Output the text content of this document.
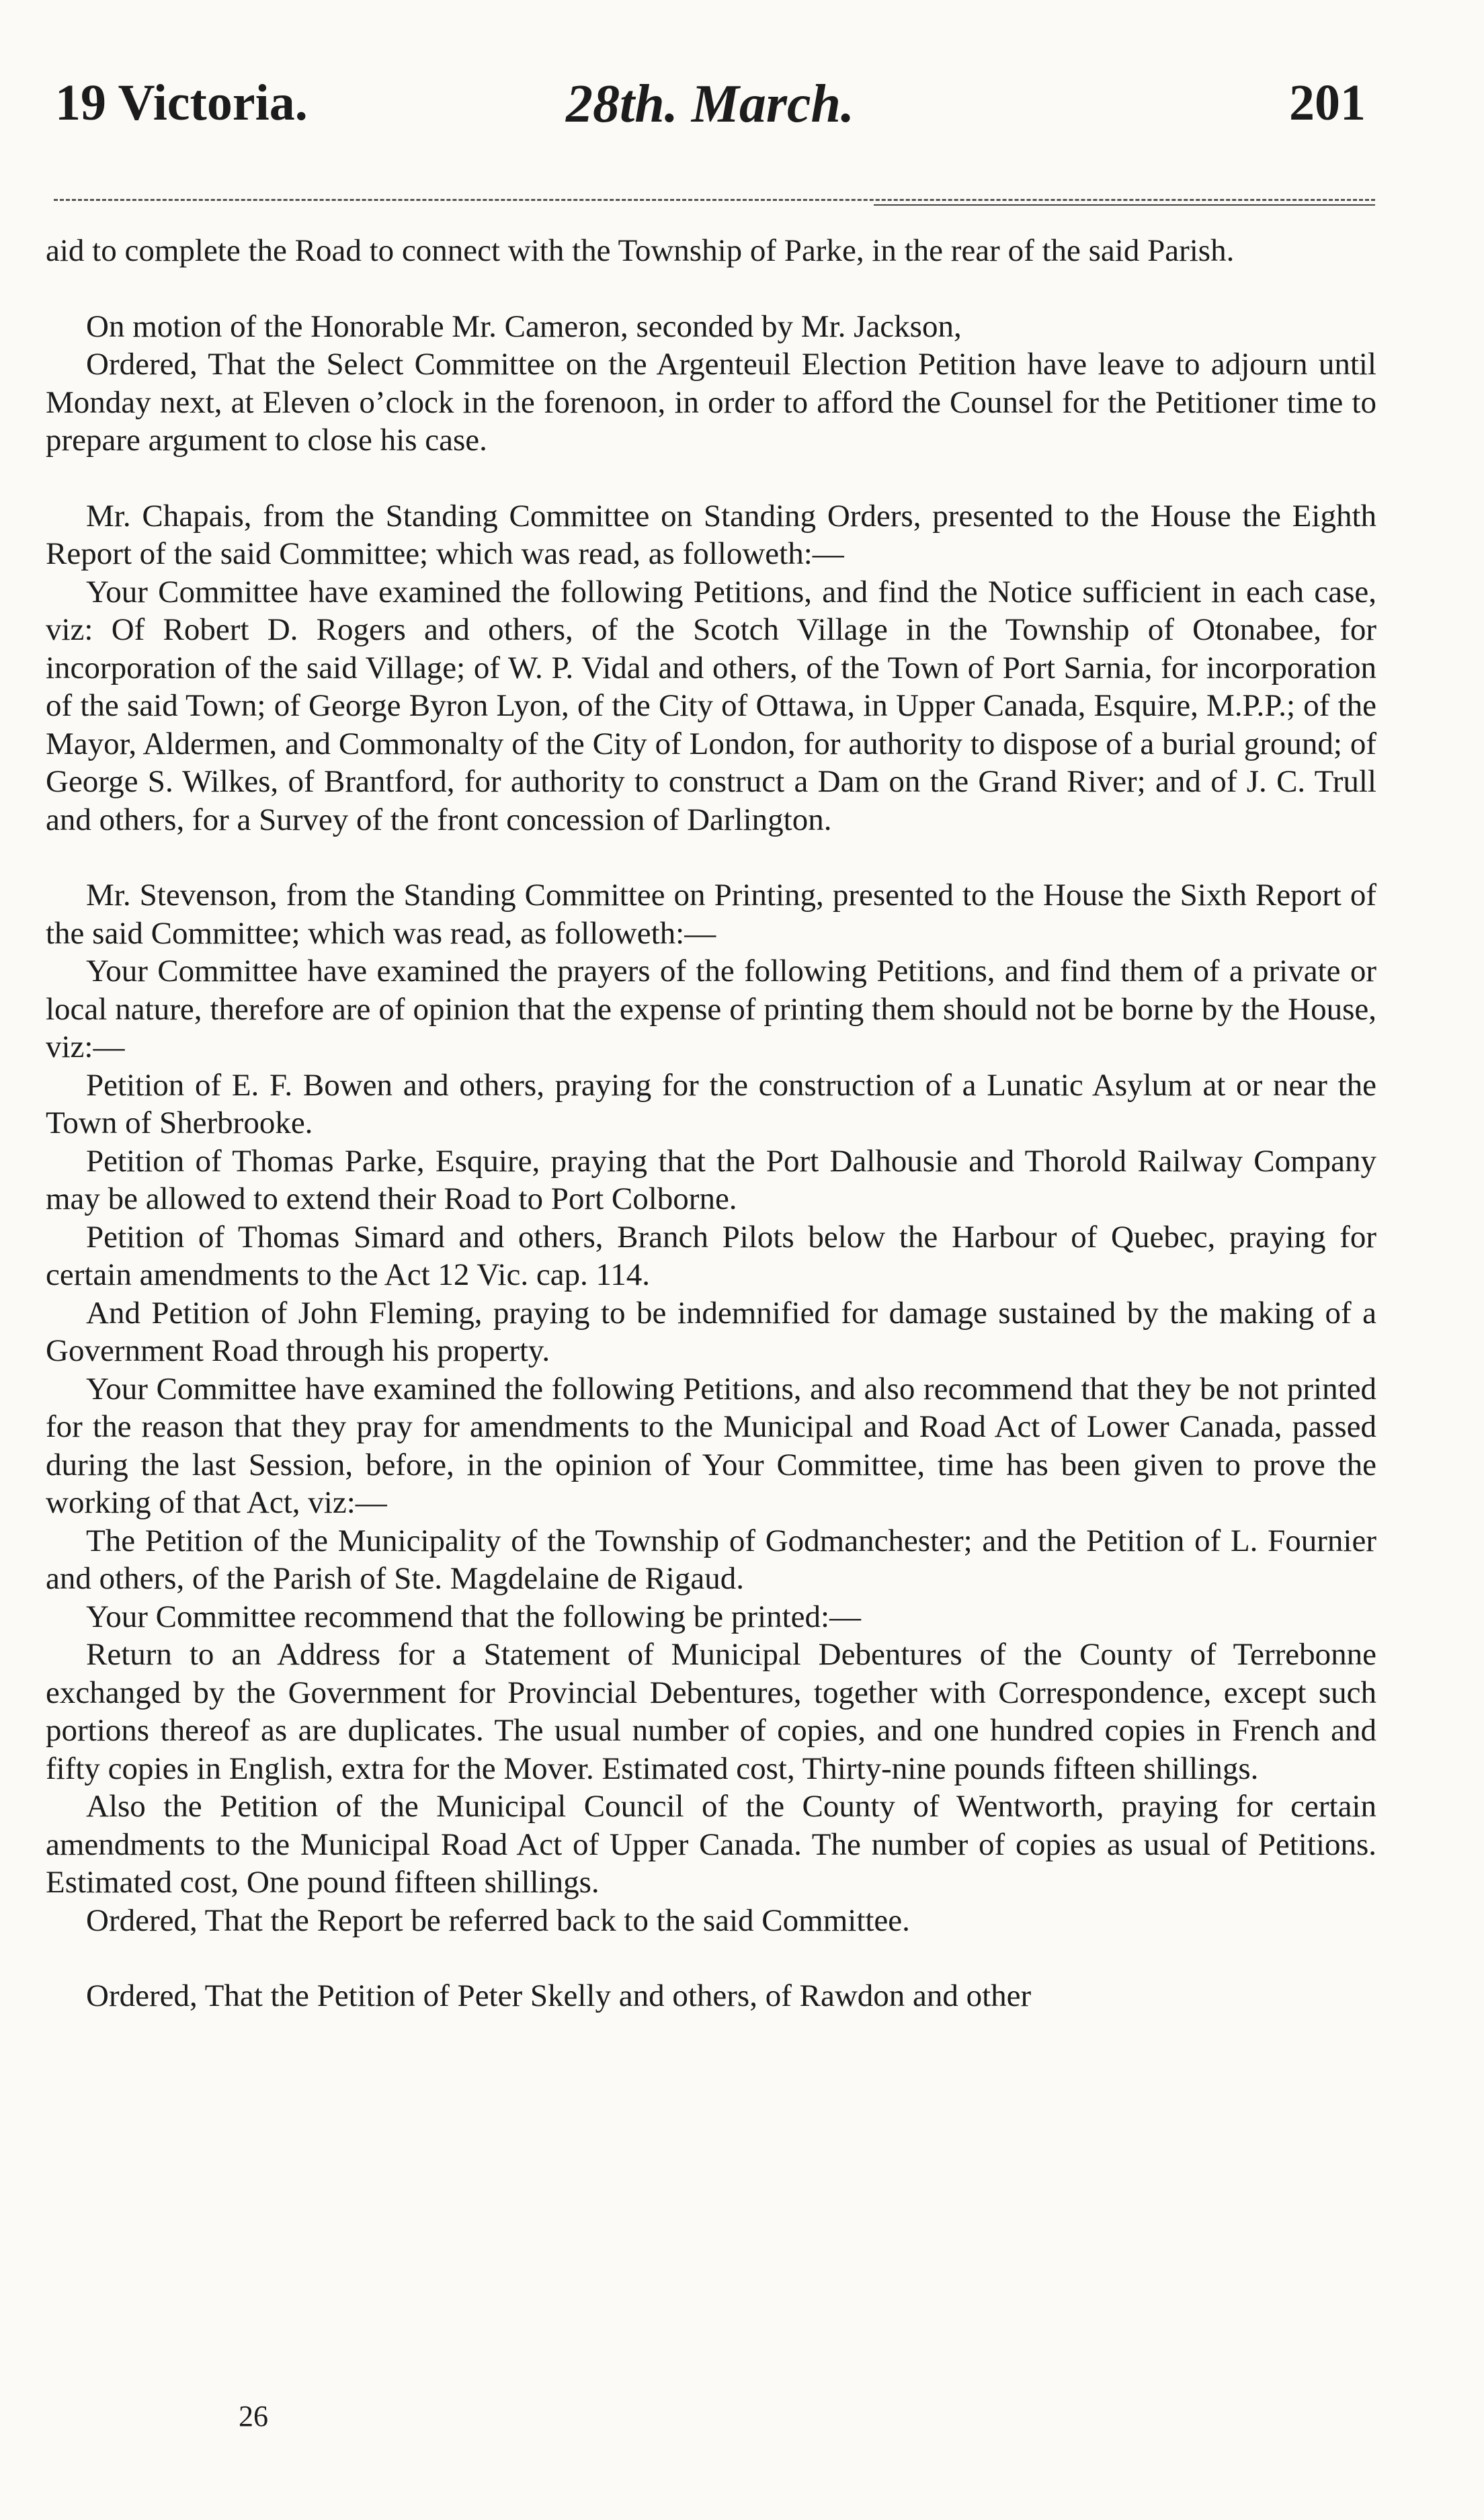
19 Victoria.	28th. March.	201

aid to complete the Road to connect with the Township of Parke, in the rear of the said Parish.

On motion of the Honorable Mr. Cameron, seconded by Mr. Jackson,

Ordered, That the Select Committee on the Argenteuil Election Petition have leave to adjourn until Monday next, at Eleven o’clock in the forenoon, in order to afford the Counsel for the Petitioner time to prepare argument to close his case.

Mr. Chapais, from the Standing Committee on Standing Orders, presented to the House the Eighth Report of the said Committee; which was read, as followeth:—

Your Committee have examined the following Petitions, and find the Notice sufficient in each case, viz: Of Robert D. Rogers and others, of the Scotch Village in the Township of Otonabee, for incorporation of the said Village; of W. P. Vidal and others, of the Town of Port Sarnia, for incorporation of the said Town; of George Byron Lyon, of the City of Ottawa, in Upper Canada, Esquire, M.P.P.; of the Mayor, Aldermen, and Commonalty of the City of London, for authority to dispose of a burial ground; of George S. Wilkes, of Brantford, for authority to construct a Dam on the Grand River; and of J. C. Trull and others, for a Survey of the front concession of Darlington.

Mr. Stevenson, from the Standing Committee on Printing, presented to the House the Sixth Report of the said Committee; which was read, as followeth:—

Your Committee have examined the prayers of the following Petitions, and find them of a private or local nature, therefore are of opinion that the expense of printing them should not be borne by the House, viz:—

Petition of E. F. Bowen and others, praying for the construction of a Lunatic Asylum at or near the Town of Sherbrooke.

Petition of Thomas Parke, Esquire, praying that the Port Dalhousie and Thorold Railway Company may be allowed to extend their Road to Port Colborne.

Petition of Thomas Simard and others, Branch Pilots below the Harbour of Quebec, praying for certain amendments to the Act 12 Vic. cap. 114.

And Petition of John Fleming, praying to be indemnified for damage sustained by the making of a Government Road through his property.

Your Committee have examined the following Petitions, and also recommend that they be not printed for the reason that they pray for amendments to the Municipal and Road Act of Lower Canada, passed during the last Session, before, in the opinion of Your Committee, time has been given to prove the working of that Act, viz:—

The Petition of the Municipality of the Township of Godmanchester; and the Petition of L. Fournier and others, of the Parish of Ste. Magdelaine de Rigaud.

Your Committee recommend that the following be printed:—

Return to an Address for a Statement of Municipal Debentures of the County of Terrebonne exchanged by the Government for Provincial Debentures, together with Correspondence, except such portions thereof as are duplicates. The usual number of copies, and one hundred copies in French and fifty copies in English, extra for the Mover. Estimated cost, Thirty-nine pounds fifteen shillings.

Also the Petition of the Municipal Council of the County of Wentworth, praying for certain amendments to the Municipal Road Act of Upper Canada. The number of copies as usual of Petitions. Estimated cost, One pound fifteen shillings.

Ordered, That the Report be referred back to the said Committee.

Ordered, That the Petition of Peter Skelly and others, of Rawdon and other

26
